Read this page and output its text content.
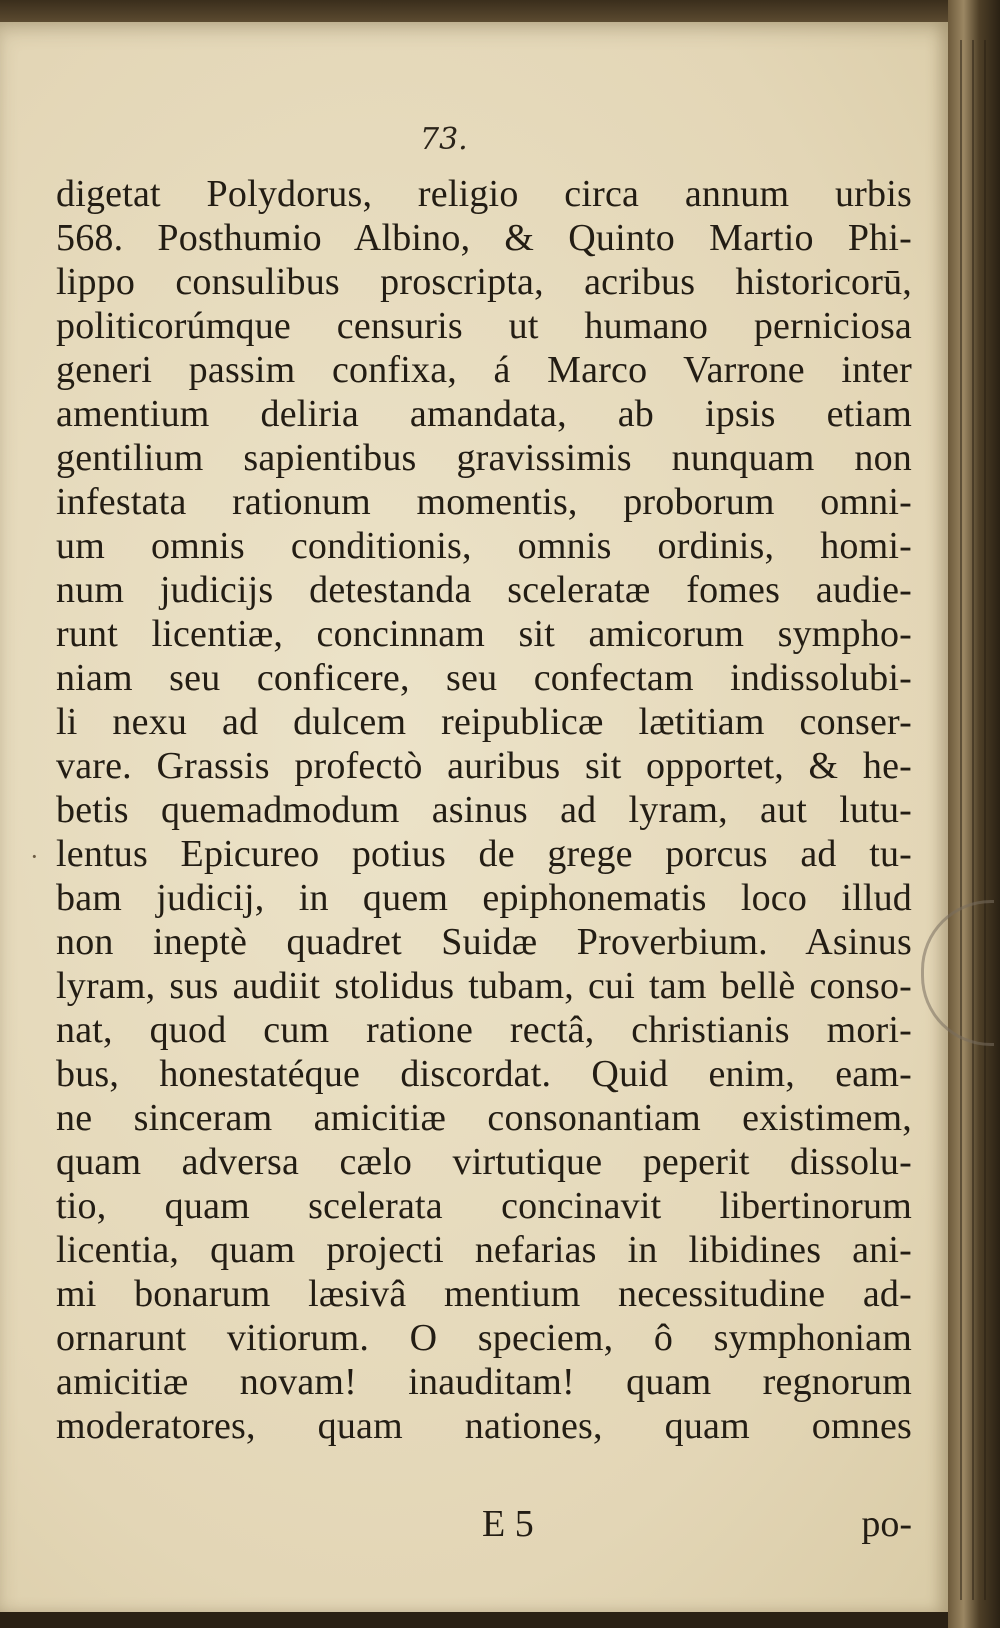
73.
digetat Polydorus, religio circa annum urbis
568. Posthumio Albino, & Quinto Martio Phi-
lippo consulibus proscripta, acribus historicorū,
politicorúmque censuris ut humano perniciosa
generi passim confixa, á Marco Varrone inter
amentium deliria amandata, ab ipsis etiam
gentilium sapientibus gravissimis nunquam non
infestata rationum momentis, proborum omni-
um omnis conditionis, omnis ordinis, homi-
num judicijs detestanda sceleratæ fomes audie-
runt licentiæ, concinnam sit amicorum sympho-
niam seu conficere, seu confectam indissolubi-
li nexu ad dulcem reipublicæ lætitiam conser-
vare. Grassis profectò auribus sit opportet, & he-
betis quemadmodum asinus ad lyram, aut lutu-
lentus Epicureo potius de grege porcus ad tu-
bam judicij, in quem epiphonematis loco illud
non ineptè quadret Suidæ Proverbium. Asinus
lyram, sus audiit stolidus tubam, cui tam bellè conso-
nat, quod cum ratione rectâ, christianis mori-
bus, honestatéque discordat. Quid enim, eam-
ne sinceram amicitiæ consonantiam existimem,
quam adversa cælo virtutique peperit dissolu-
tio, quam scelerata concinavit libertinorum
licentia, quam projecti nefarias in libidines ani-
mi bonarum læsivâ mentium necessitudine ad-
ornarunt vitiorum. O speciem, ô symphoniam
amicitiæ novam! inauditam! quam regnorum
moderatores, quam nationes, quam omnes
E 5	po-
·
